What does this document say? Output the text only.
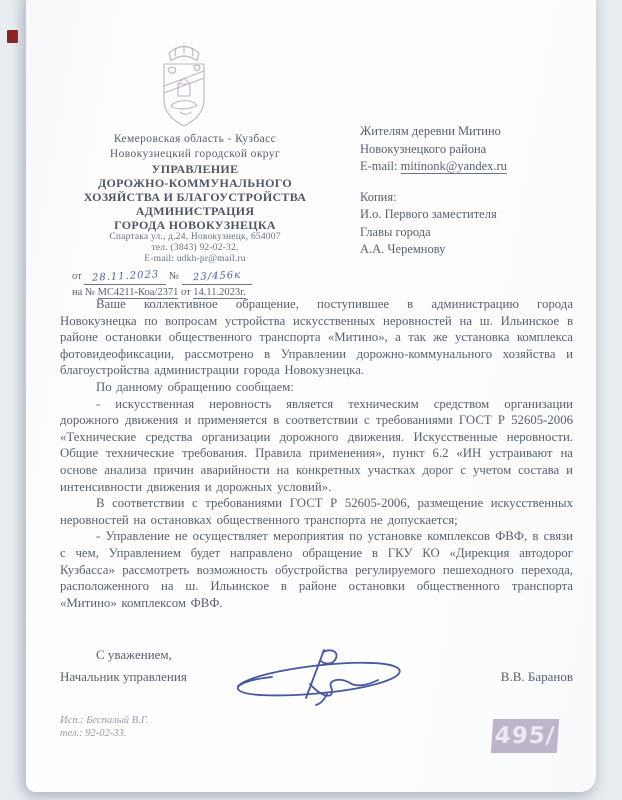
Кемеровская область - Кузбасс
Новокузнецкий городской округ
УПРАВЛЕНИЕ
ДОРОЖНО-КОММУНАЛЬНОГО
ХОЗЯЙСТВА И БЛАГОУСТРОЙСТВА
АДМИНИСТРАЦИЯ
ГОРОДА НОВОКУЗНЕЦКА
Спартака ул., д.24, Новокузнецк, 654007
тел. (3843) 92-02-32.
E-mail: udkh-pr@mail.ru
от 28.11.2023 № 23/456к
на № МС4211-Коа/2371 от 14.11.2023г.
Жителям деревни Митино
Новокузнецкого района
E-mail: mitinonk@yandex.ru
Копия:
И.о. Первого заместителя
Главы города
А.А. Черемнову

Ваше коллективное обращение, поступившее в администрацию города Новокузнецка по вопросам устройства искусственных неровностей на ш. Ильинское в районе остановки общественного транспорта «Митино», а так же установка комплекса фотовидеофиксации, рассмотрено в Управлении дорожно-коммунального хозяйства и благоустройства администрации города Новокузнецка.

По данному обращению сообщаем:

- искусственная неровность является техническим средством организации дорожного движения и применяется в соответствии с требованиями ГОСТ Р 52605-2006 «Технические средства организации дорожного движения. Искусственные неровности. Общие технические требования. Правила применения», пункт 6.2 «ИН устраивают на основе анализа причин аварийности на конкретных участках дорог с учетом состава и интенсивности движения и дорожных условий».

В соответствии с требованиями ГОСТ Р 52605-2006, размещение искусственных неровностей на остановках общественного транспорта не допускается;

- Управление не осуществляет мероприятия по установке комплексов ФВФ, в связи с чем, Управлением будет направлено обращение в ГКУ КО «Дирекция автодорог Кузбасса» рассмотреть возможность обустройства регулируемого пешеходного перехода, расположенного на ш. Ильинское в районе остановки общественного транспорта «Митино» комплексом ФВФ.

С уважением,
Начальник управления	В.В. Баранов
Исп.: Беспалый В.Г.
тел.: 92-02-33.	495/
